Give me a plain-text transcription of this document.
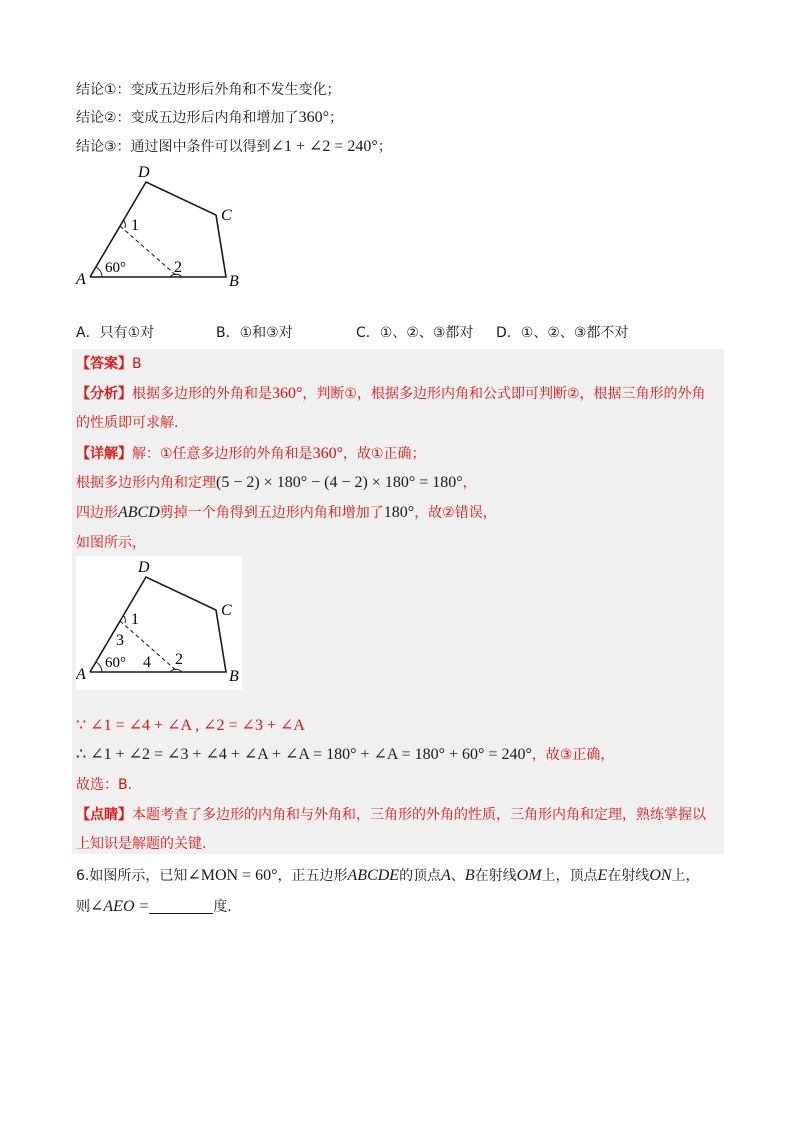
结论①：变成五边形后外角和不发生变化；
结论②：变成五边形后内角和增加了360°；
结论③：通过图中条件可以得到∠1 + ∠2 = 240°；
D
C
A	B
1
2
60°
A．只有①对	B．①和③对	C．①、②、③都对 D．①、②、③都不对
【答案】B
【分析】根据多边形的外角和是360°，判断①，根据多边形内角和公式即可判断②，根据三角形的外角
的性质即可求解.
【详解】解：①任意多边形的外角和是360°，故①正确；
根据多边形内角和定理(5 − 2) × 180° − (4 − 2) × 180° = 180°，
四边形ABCD剪掉一个角得到五边形内角和增加了180°，故②错误，
如图所示，
D
C
A	B
1
3
4 2
60°
∵ ∠1 = ∠4 + ∠A , ∠2 = ∠3 + ∠A
∴ ∠1 + ∠2 = ∠3 + ∠4 + ∠A + ∠A = 180° + ∠A = 180° + 60° = 240°，故③正确，
故选：B.
【点睛】本题考查了多边形的内角和与外角和，三角形的外角的性质，三角形内角和定理，熟练掌握以
上知识是解题的关键.
6.如图所示，已知∠MON = 60°，正五边形ABCDE的顶点A、B在射线OM上，顶点E在射线ON上，
则∠AEO =	度.
